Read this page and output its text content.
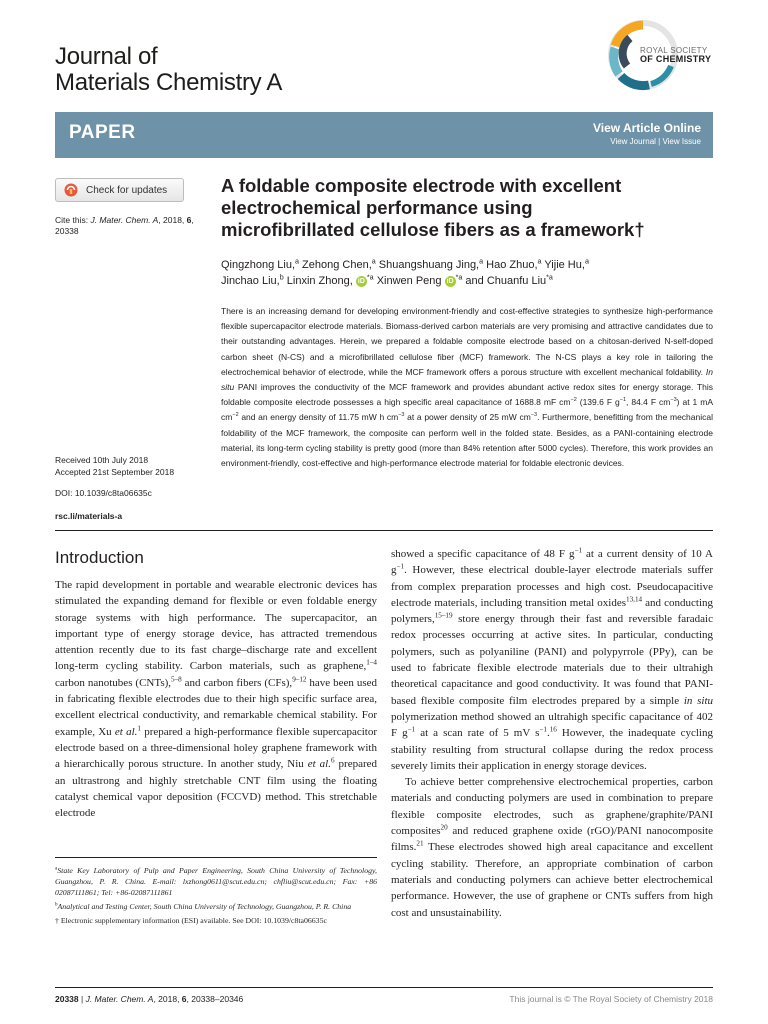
Journal of
Materials Chemistry A
ROYAL SOCIETY
OF CHEMISTRY
PAPER	View Article Online
View Journal | View Issue
Check for updates
Cite this: J. Mater. Chem. A, 2018, 6, 20338
A foldable composite electrode with excellent electrochemical performance using microfibrillated cellulose fibers as a framework†
Qingzhong Liu,$^a$ Zehong Chen,$^a$ Shuangshuang Jing,$^a$ Hao Zhuo,$^a$ Yijie Hu,$^a$
Jinchao Liu,$^b$ Linxin Zhong, iD $^{*a}$ Xinwen Peng iD $^{*a}$ and Chuanfu Liu$^{*a}$
There is an increasing demand for developing environment-friendly and cost-effective strategies to synthesize high-performance flexible supercapacitor electrode materials. Biomass-derived carbon materials are very promising and attractive candidates due to their outstanding advantages. Herein, we prepared a foldable composite electrode based on a chitosan-derived N-self-doped carbon sheet (N-CS) and a microfibrillated cellulose fiber (MCF) framework. The N-CS plays a key role in tailoring the electrochemical behavior of electrode, while the MCF framework offers a porous structure with excellent mechanical foldability. In situ PANI improves the conductivity of the MCF framework and provides abundant active redox sites for energy storage. This foldable composite electrode possesses a high specific areal capacitance of 1688.8 mF $cm^{-2}$ (139.6 F $g^{-1}$, 84.4 F $cm^{-3}$) at 1 mA $cm^{-2}$ and an energy density of 11.75 mW h $cm^{-3}$ at a power density of 25 mW $cm^{-3}$. Furthermore, benefitting from the mechanical foldability of the MCF framework, the composite can perform well in the folded state. Besides, as a PANI-containing electrode material, its long-term cycling stability is pretty good (more than 84% retention after 5000 cycles). Therefore, this work provides an environment-friendly, cost-effective and high-performance electrode material for foldable electronic devices.
Received 10th July 2018
Accepted 21st September 2018
DOI: 10.1039/c8ta06635c
rsc.li/materials-a
Introduction
The rapid development in portable and wearable electronic devices has stimulated the expanding demand for flexible or even foldable energy storage systems with high performance. The supercapacitor, an important type of energy storage device, has attracted tremendous attention recently due to its fast charge–discharge rate and excellent long-term cycling stability. Carbon materials, such as graphene,$^{1-4}$ carbon nanotubes (CNTs),$^{5-8}$ and carbon fibers (CFs),$^{9-12}$ have been used in fabricating flexible electrodes due to their high specific surface area, excellent electrical conductivity, and remarkable chemical stability. For example, Xu et al.$^1$ prepared a high-performance flexible supercapacitor electrode based on a three-dimensional holey graphene framework with a hierarchically porous structure. In another study, Niu et al.$^6$ prepared an ultrastrong and highly stretchable CNT film using the floating catalyst chemical vapor deposition (FCCVD) method. This stretchable electrode

showed a specific capacitance of 48 F $g^{-1}$ at a current density of 10 A $g^{-1}$. However, these electrical double-layer electrode materials suffer from complex preparation processes and high cost. Pseudocapacitive electrode materials, including transition metal oxides$^{13,14}$ and conducting polymers,$^{15-19}$ store energy through their fast and reversible faradaic redox processes occurring at active sites. In particular, conducting polymers, such as polyaniline (PANI) and polypyrrole (PPy), can be used to fabricate flexible electrode materials due to their ultrahigh theoretical capacitance and good conductivity. It was found that PANI-based flexible composite film electrodes prepared by a simple in situ polymerization method showed an ultrahigh specific capacitance of 402 F $g^{-1}$ at a scan rate of 5 mV $s^{-1}.^{16}$ However, the inadequate cycling stability resulting from structural collapse during the redox process severely limits their application in energy storage devices.

To achieve better comprehensive electrochemical properties, carbon materials and conducting polymers are used in combination to prepare flexible composite electrodes, such as graphene/graphite/PANI composites$^{20}$ and reduced graphene oxide (rGO)/PANI nanocomposite films.$^{21}$ These electrodes showed high areal capacitance and excellent cycling stability. Therefore, an appropriate combination of carbon materials and conducting polymers can achieve better electrochemical performance. However, the use of graphene or CNTs suffers from high cost and unsustainability.

$^a$State Key Laboratory of Pulp and Paper Engineering, South China University of Technology, Guangzhou, P. R. China. E-mail: lxzhong0611@scut.edu.cn; chfliu@scut.edu.cn; Fax: +86 02087111861; Tel: +86-02087111861

$^b$Analytical and Testing Center, South China University of Technology, Guangzhou, P. R. China

† Electronic supplementary information (ESI) available. See DOI: 10.1039/c8ta06635c

20338 | J. Mater. Chem. A, 2018, 6, 20338–20346	This journal is © The Royal Society of Chemistry 2018
